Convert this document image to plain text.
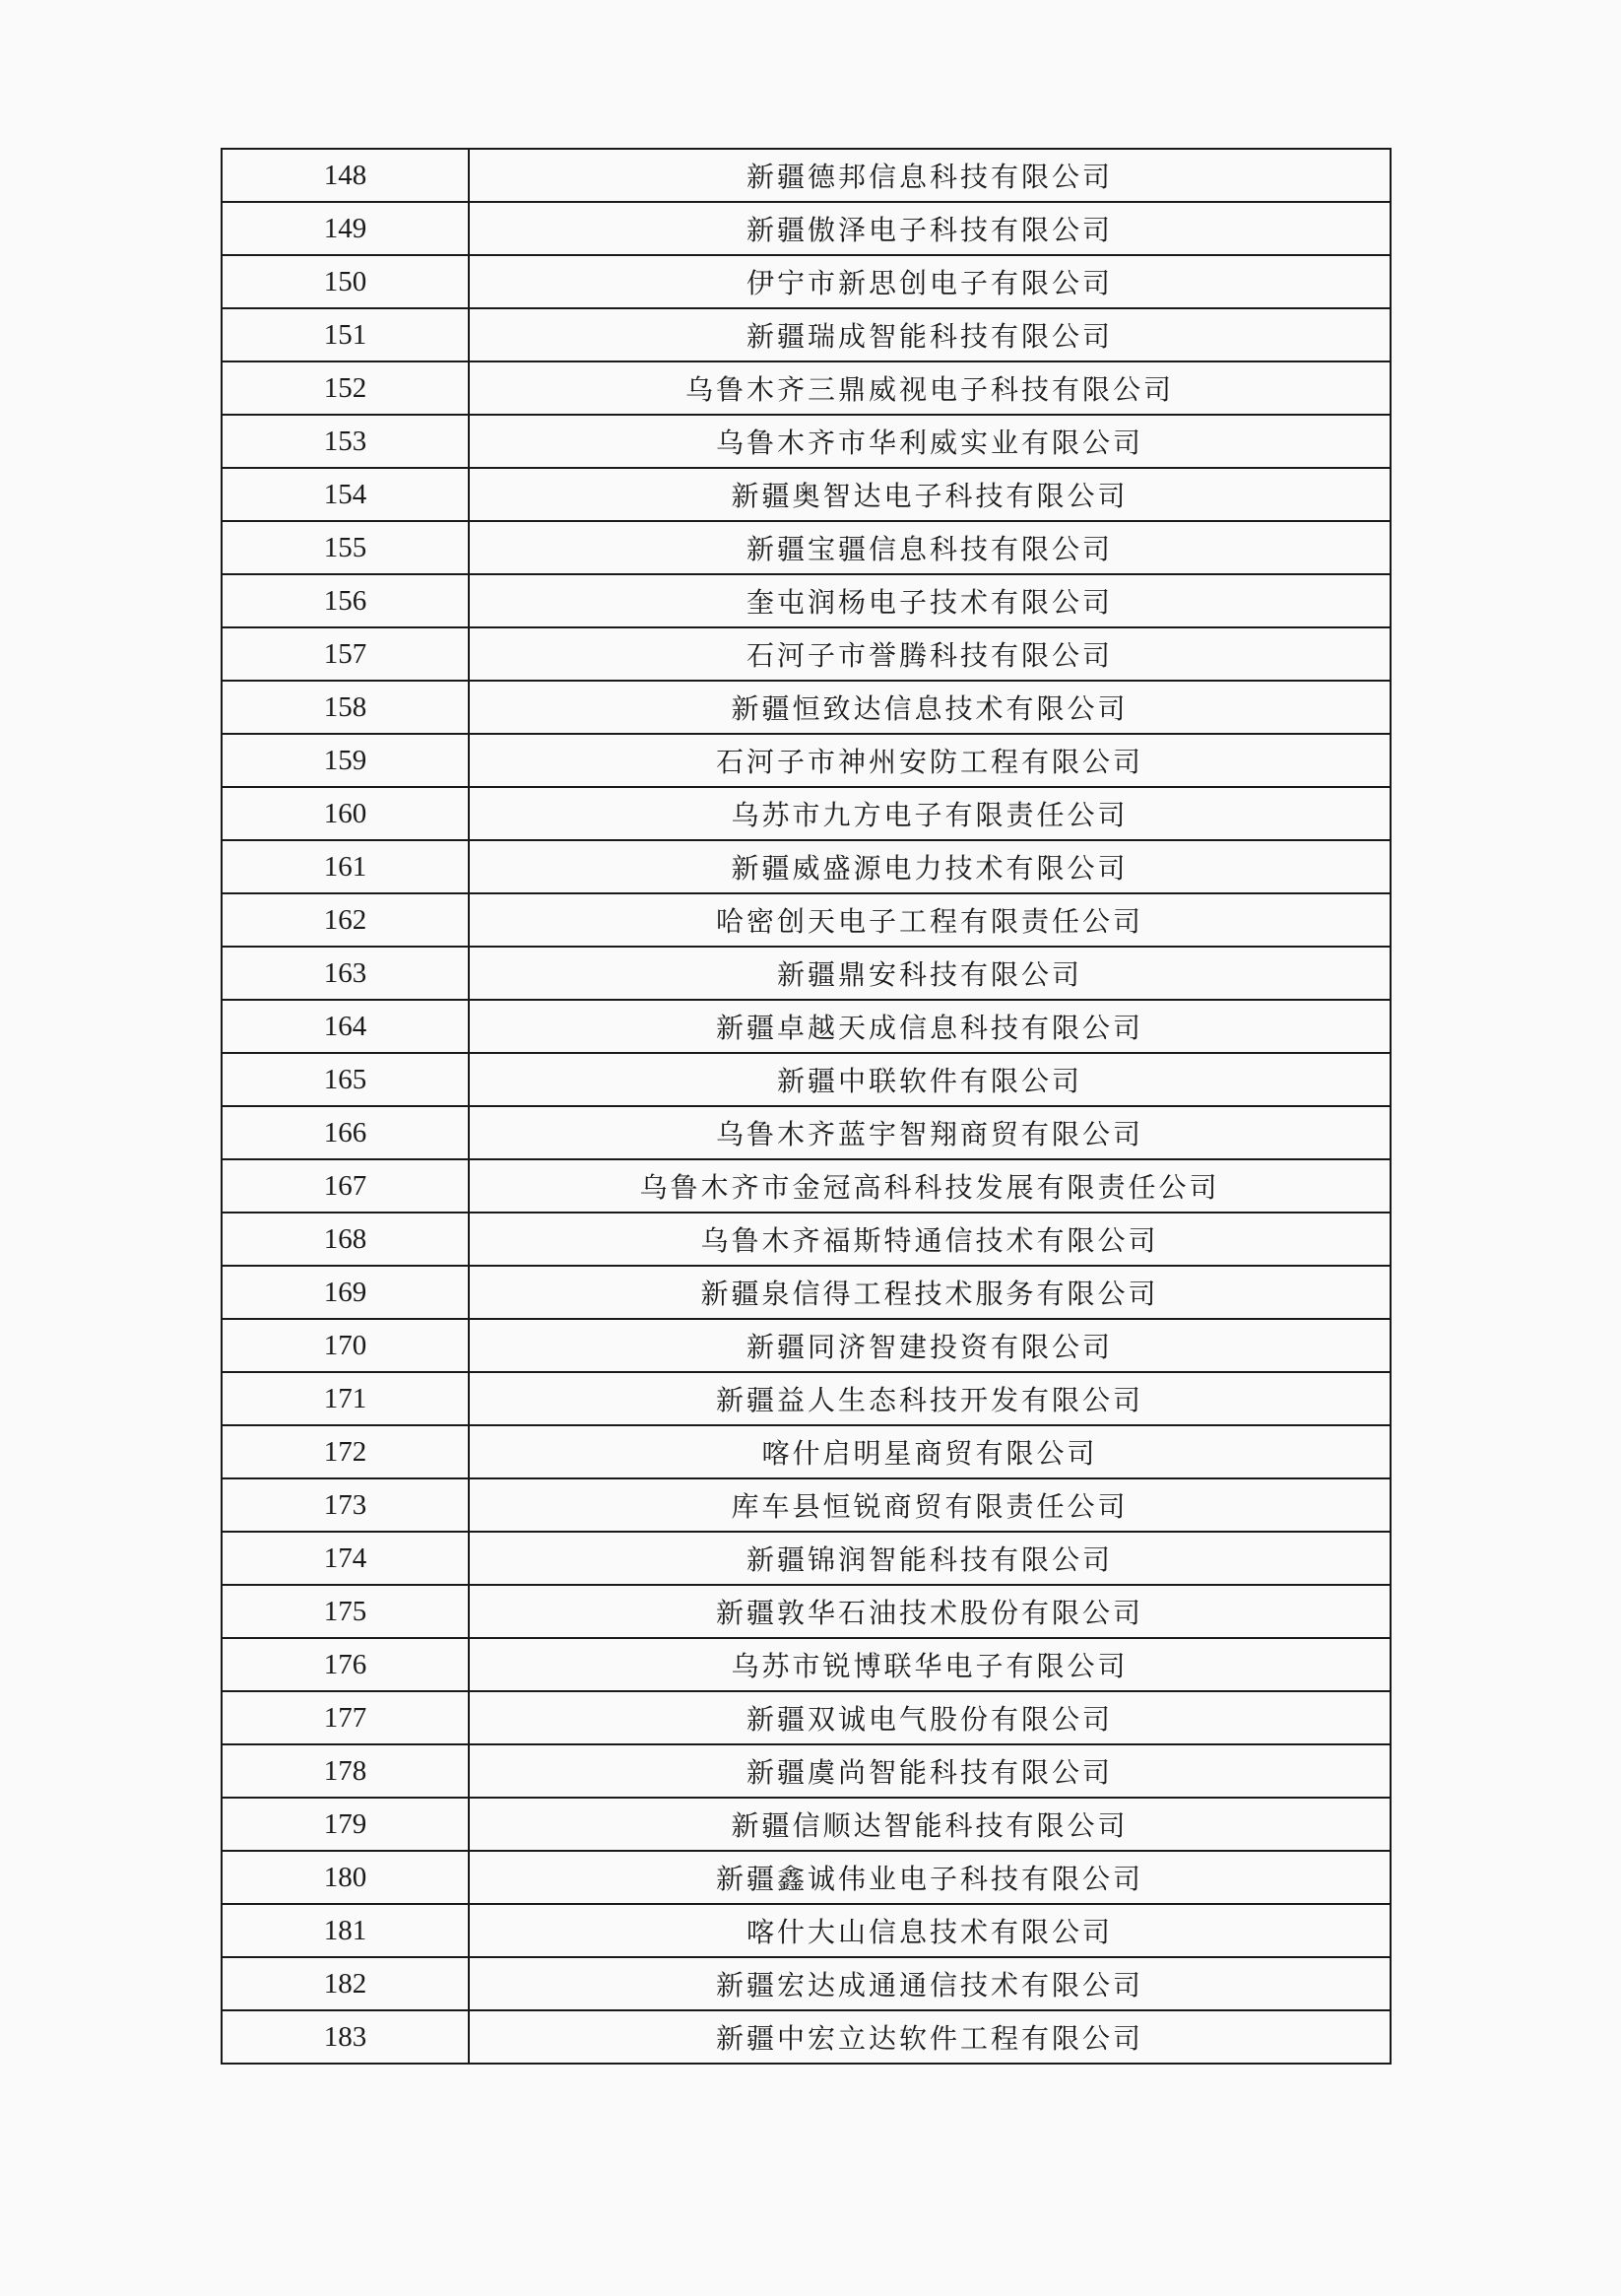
148	新疆德邦信息科技有限公司
149	新疆傲泽电子科技有限公司
150	伊宁市新思创电子有限公司
151	新疆瑞成智能科技有限公司
152	乌鲁木齐三鼎威视电子科技有限公司
153	乌鲁木齐市华利威实业有限公司
154	新疆奥智达电子科技有限公司
155	新疆宝疆信息科技有限公司
156	奎屯润杨电子技术有限公司
157	石河子市誉腾科技有限公司
158	新疆恒致达信息技术有限公司
159	石河子市神州安防工程有限公司
160	乌苏市九方电子有限责任公司
161	新疆威盛源电力技术有限公司
162	哈密创天电子工程有限责任公司
163	新疆鼎安科技有限公司
164	新疆卓越天成信息科技有限公司
165	新疆中联软件有限公司
166	乌鲁木齐蓝宇智翔商贸有限公司
167	乌鲁木齐市金冠高科科技发展有限责任公司
168	乌鲁木齐福斯特通信技术有限公司
169	新疆泉信得工程技术服务有限公司
170	新疆同济智建投资有限公司
171	新疆益人生态科技开发有限公司
172	喀什启明星商贸有限公司
173	库车县恒锐商贸有限责任公司
174	新疆锦润智能科技有限公司
175	新疆敦华石油技术股份有限公司
176	乌苏市锐博联华电子有限公司
177	新疆双诚电气股份有限公司
178	新疆虞尚智能科技有限公司
179	新疆信顺达智能科技有限公司
180	新疆鑫诚伟业电子科技有限公司
181	喀什大山信息技术有限公司
182	新疆宏达成通通信技术有限公司
183	新疆中宏立达软件工程有限公司
